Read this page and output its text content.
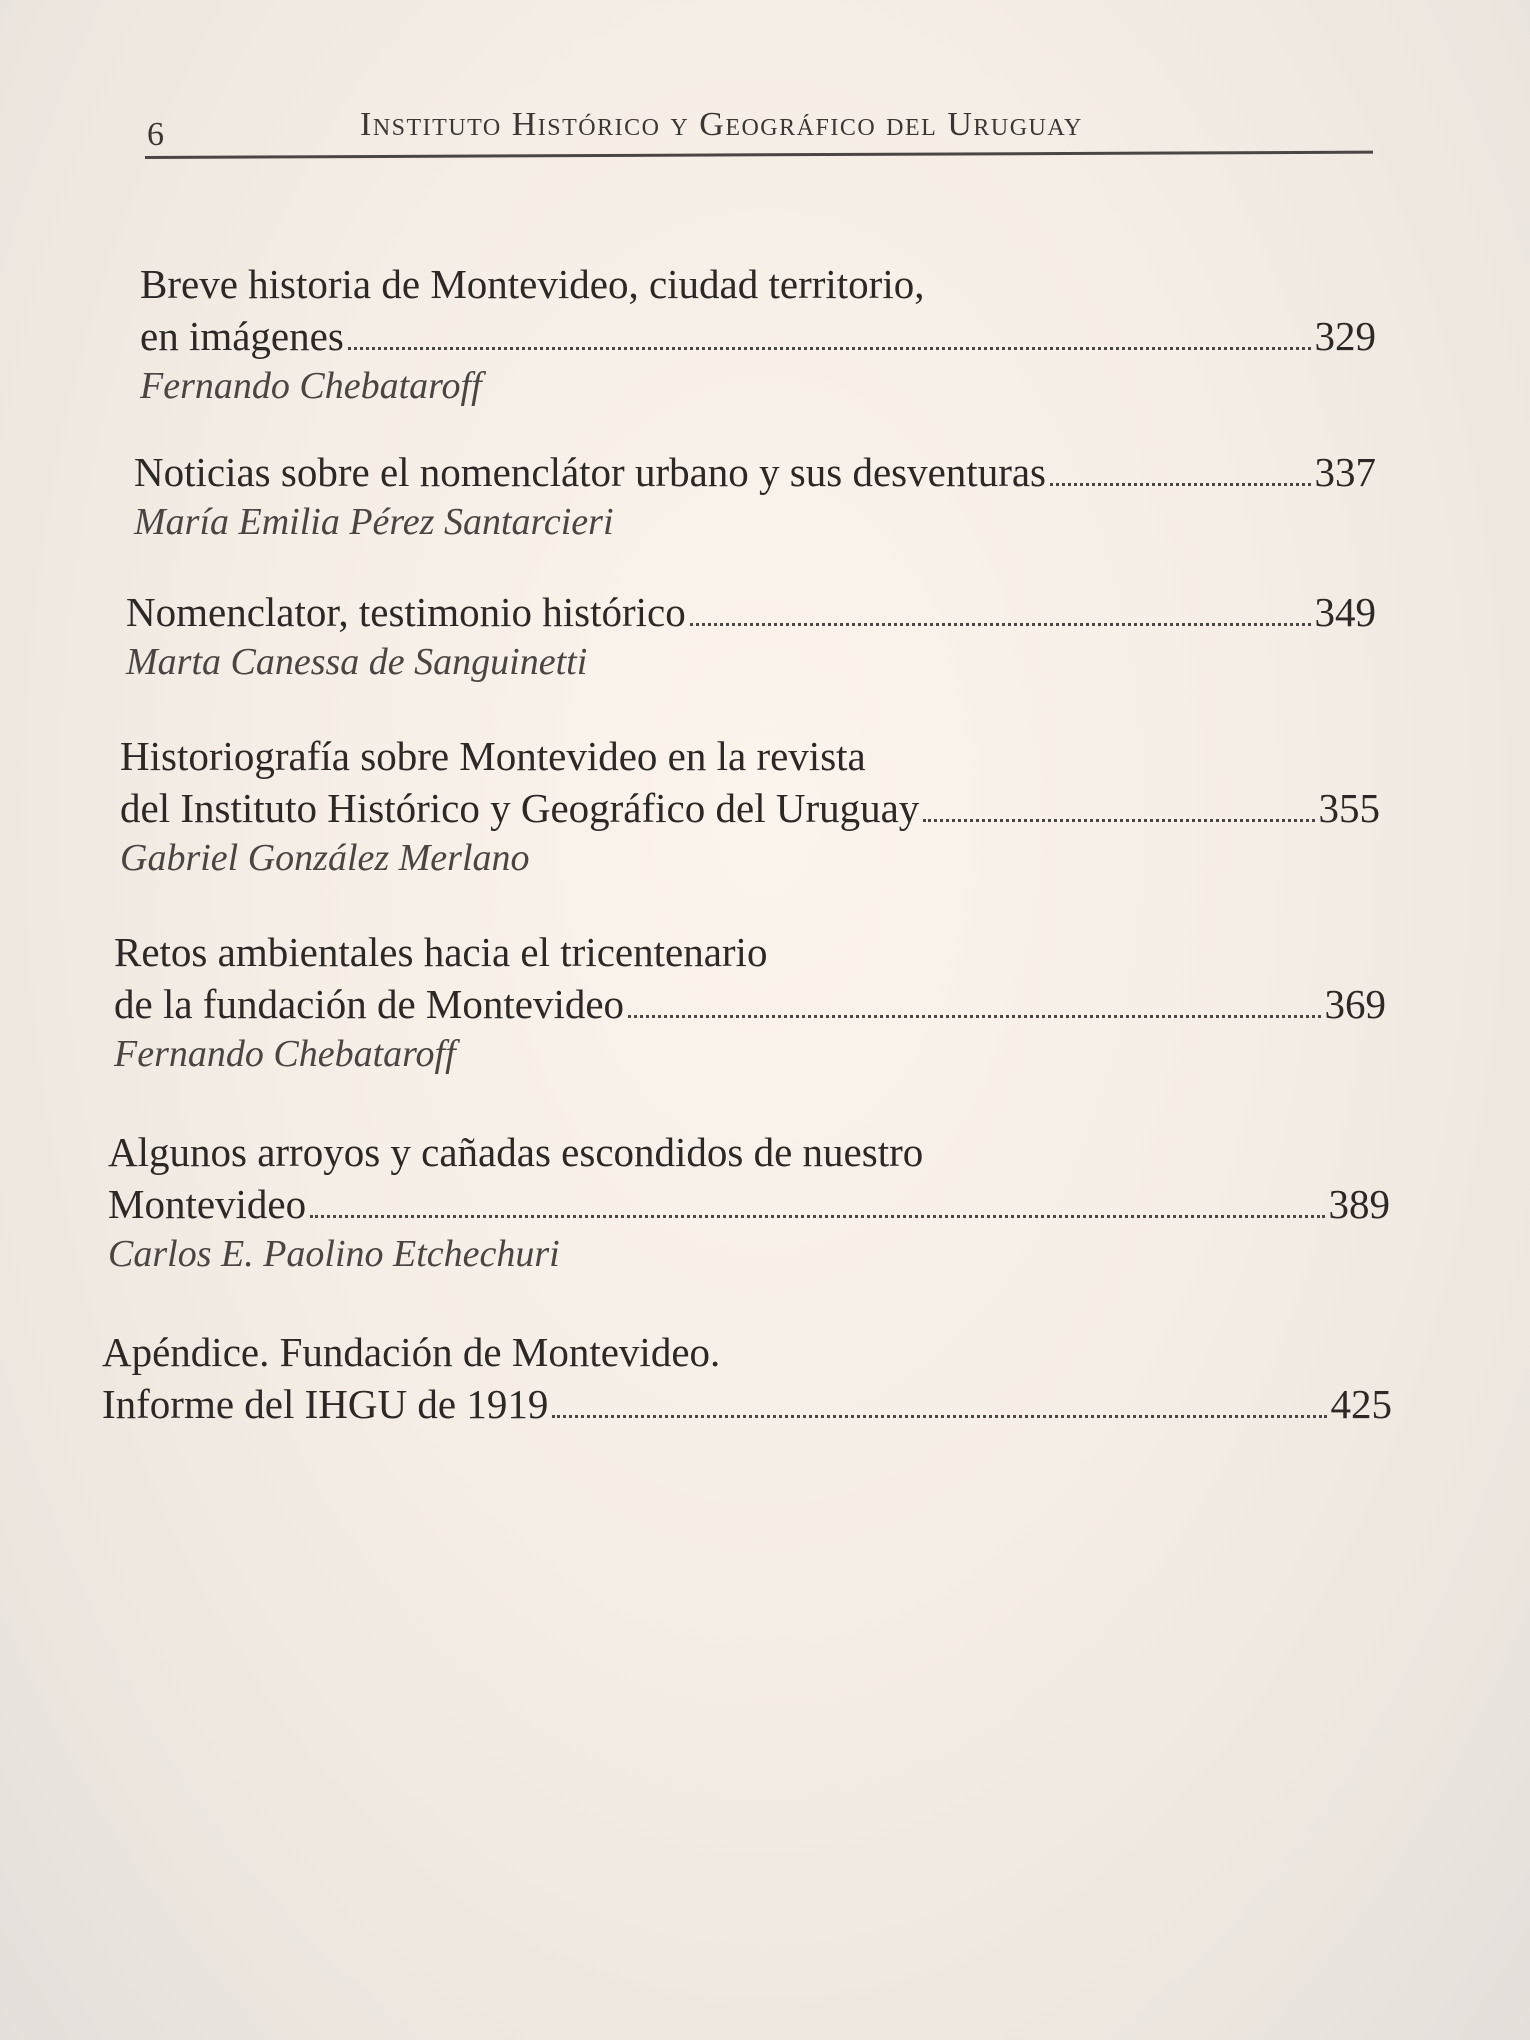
6	Instituto Histórico y Geográfico del Uruguay
Breve historia de Montevideo, ciudad territorio,
en imágenes	329
Fernando Chebataroff
Noticias sobre el nomenclátor urbano y sus desventuras	337
María Emilia Pérez Santarcieri
Nomenclator, testimonio histórico	349
Marta Canessa de Sanguinetti
Historiografía sobre Montevideo en la revista
del Instituto Histórico y Geográfico del Uruguay	355
Gabriel González Merlano
Retos ambientales hacia el tricentenario
de la fundación de Montevideo	369
Fernando Chebataroff
Algunos arroyos y cañadas escondidos de nuestro
Montevideo	389
Carlos E. Paolino Etchechuri
Apéndice. Fundación de Montevideo.
Informe del IHGU de 1919	425
